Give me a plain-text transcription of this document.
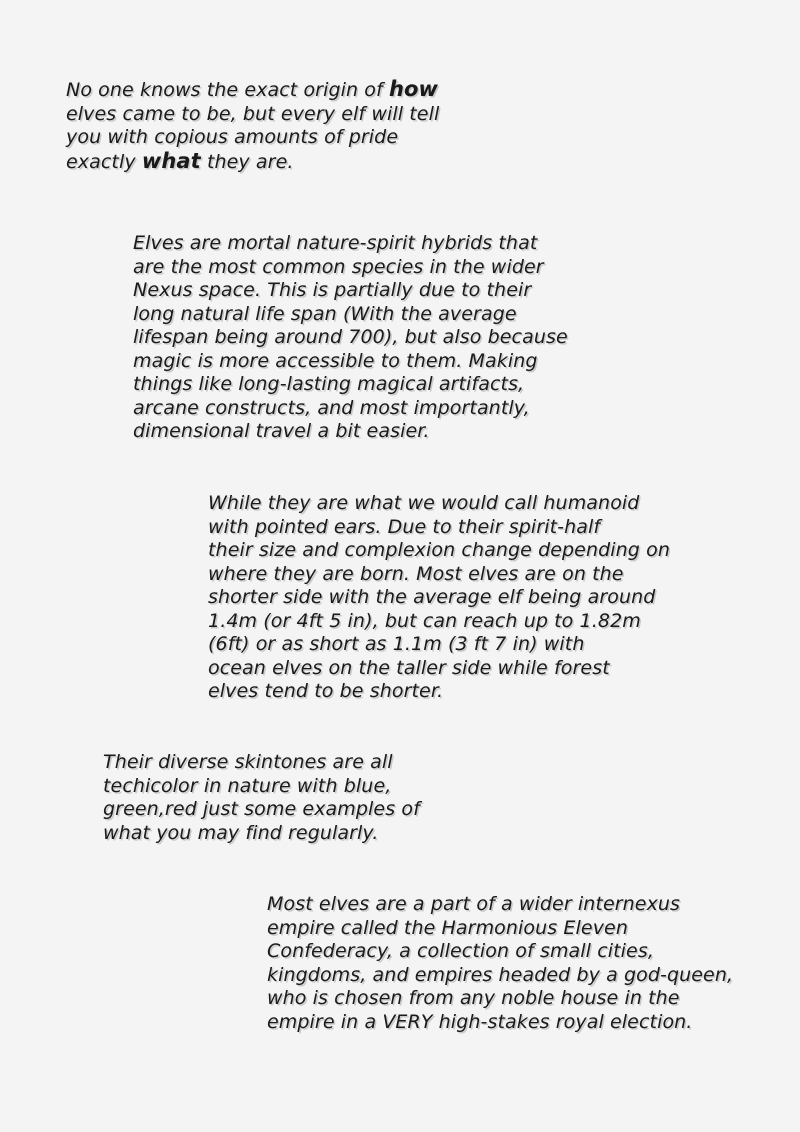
No one knows the exact origin of how
elves came to be, but every elf will tell
you with copious amounts of pride
exactly what they are.
Elves are mortal nature-spirit hybrids that
are the most common species in the wider
Nexus space. This is partially due to their
long natural life span (With the average
lifespan being around 700), but also because
magic is more accessible to them. Making
things like long-lasting magical artifacts,
arcane constructs, and most importantly,
dimensional travel a bit easier.
While they are what we would call humanoid
with pointed ears. Due to their spirit-half
their size and complexion change depending on
where they are born. Most elves are on the
shorter side with the average elf being around
1.4m (or 4ft 5 in), but can reach up to 1.82m
(6ft) or as short as 1.1m (3 ft 7 in) with
ocean elves on the taller side while forest
elves tend to be shorter.
Their diverse skintones are all
techicolor in nature with blue,
green,red just some examples of
what you may find regularly.
Most elves are a part of a wider internexus
empire called the Harmonious Eleven
Confederacy, a collection of small cities,
kingdoms, and empires headed by a god-queen,
who is chosen from any noble house in the
empire in a VERY high-stakes royal election.
